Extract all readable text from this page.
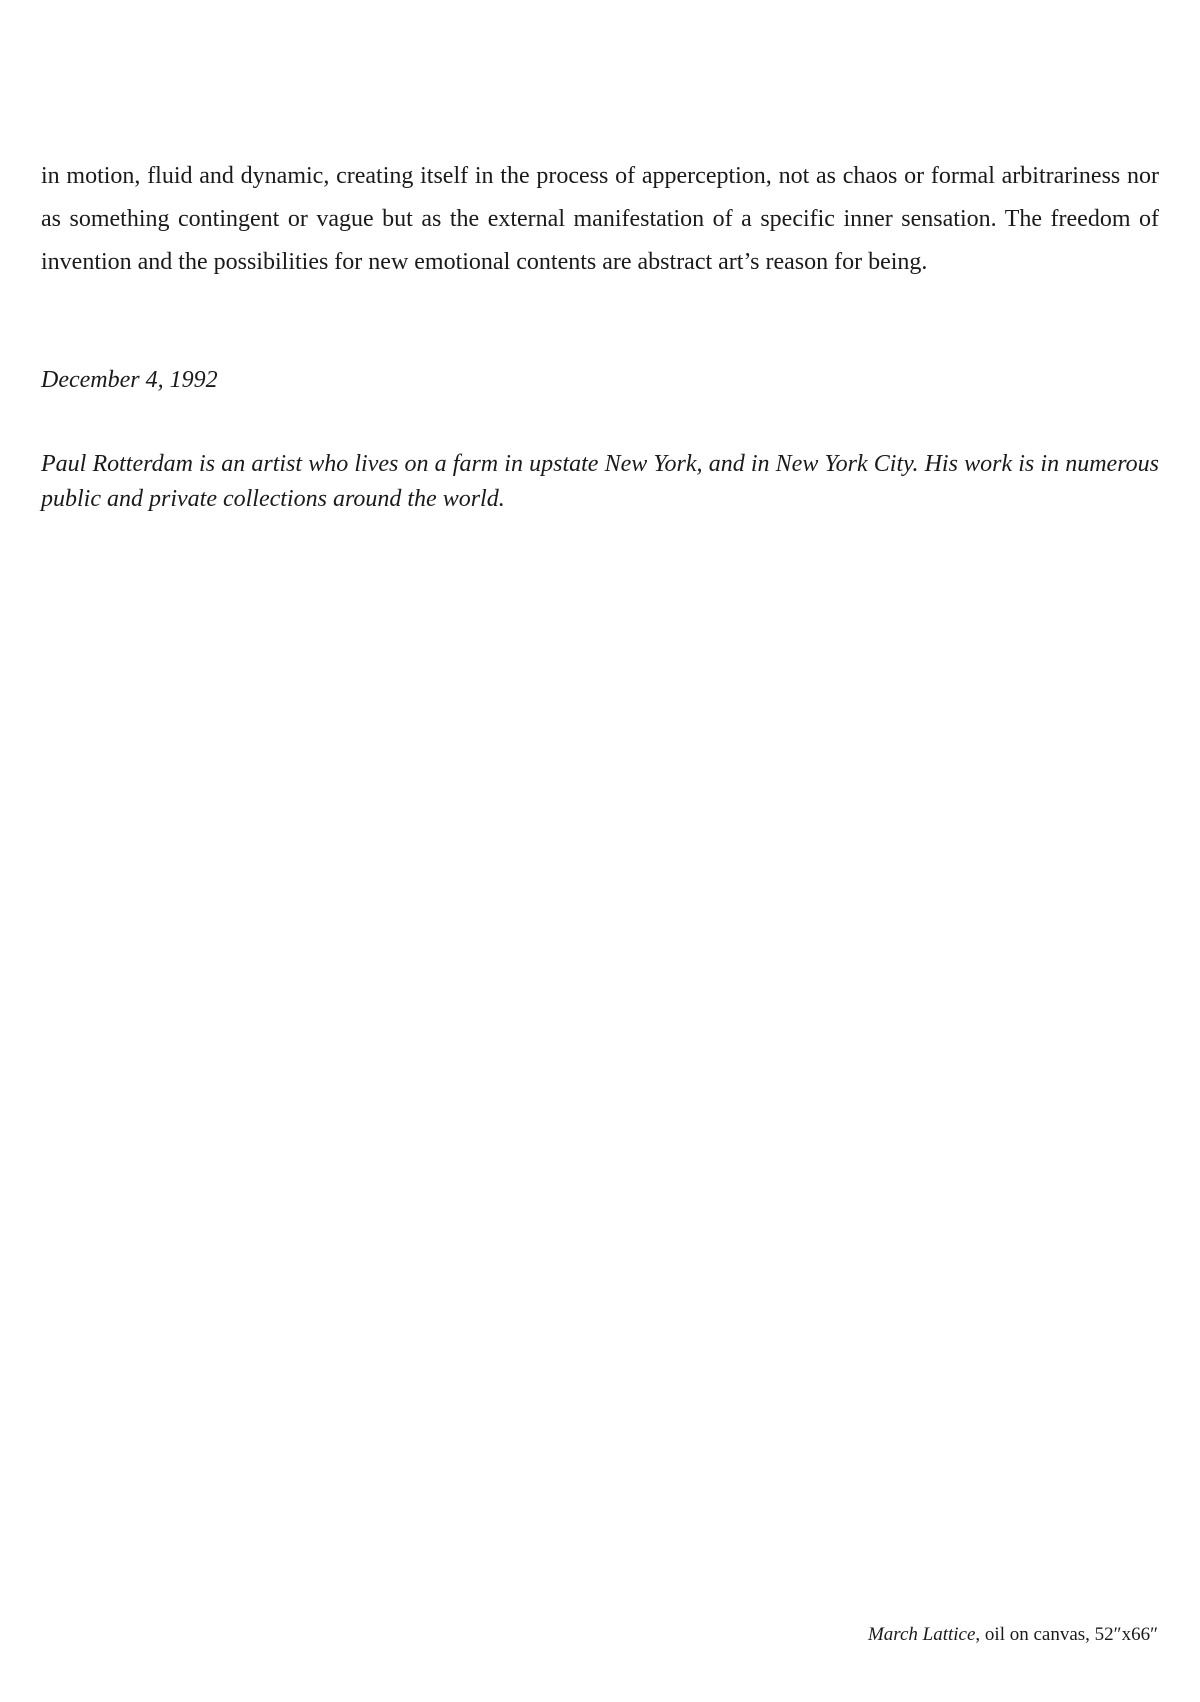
in motion, fluid and dynamic, creating itself in the process of apperception, not as chaos or formal arbitrariness nor as something contingent or vague but as the external manifestation of a specific inner sensation. The freedom of invention and the possibilities for new emotional contents are abstract art’s reason for being.

December 4, 1992

Paul Rotterdam is an artist who lives on a farm in upstate New York, and in New York City. His work is in numerous public and private collections around the world.

March Lattice, oil on canvas, 52″x66″
